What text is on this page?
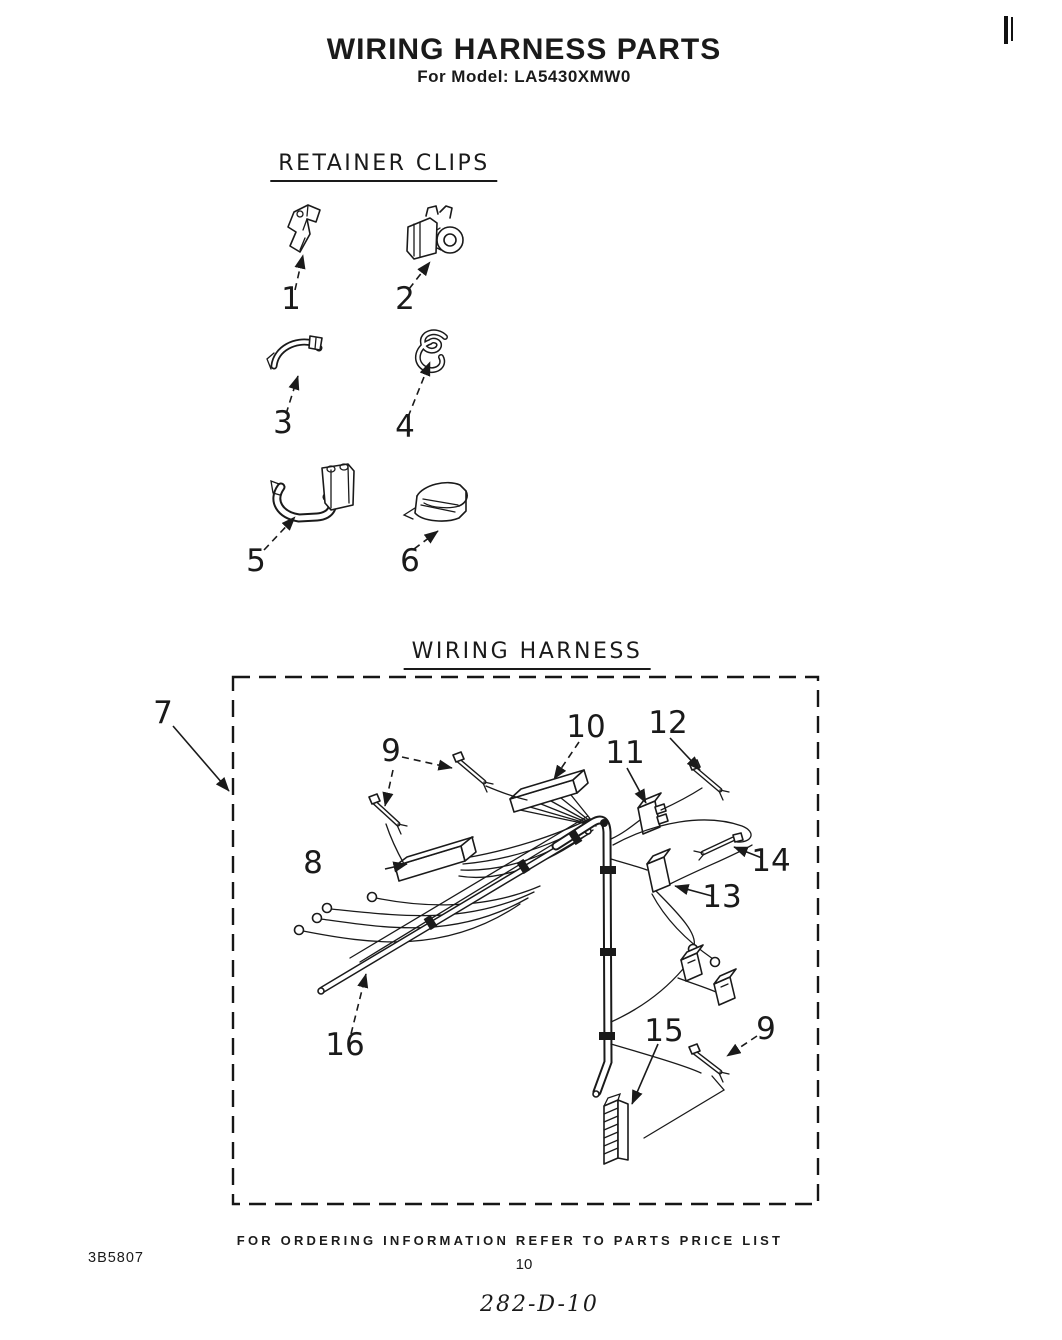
WIRING HARNESS PARTS
For Model: LA5430XMW0
RETAINER CLIPS
1	2
3	4
5	6
WIRING HARNESS
7
8
9
10
11
12
13
14
15
16	9
FOR ORDERING INFORMATION REFER TO PARTS PRICE LIST
3B5807	10
282-D-10
